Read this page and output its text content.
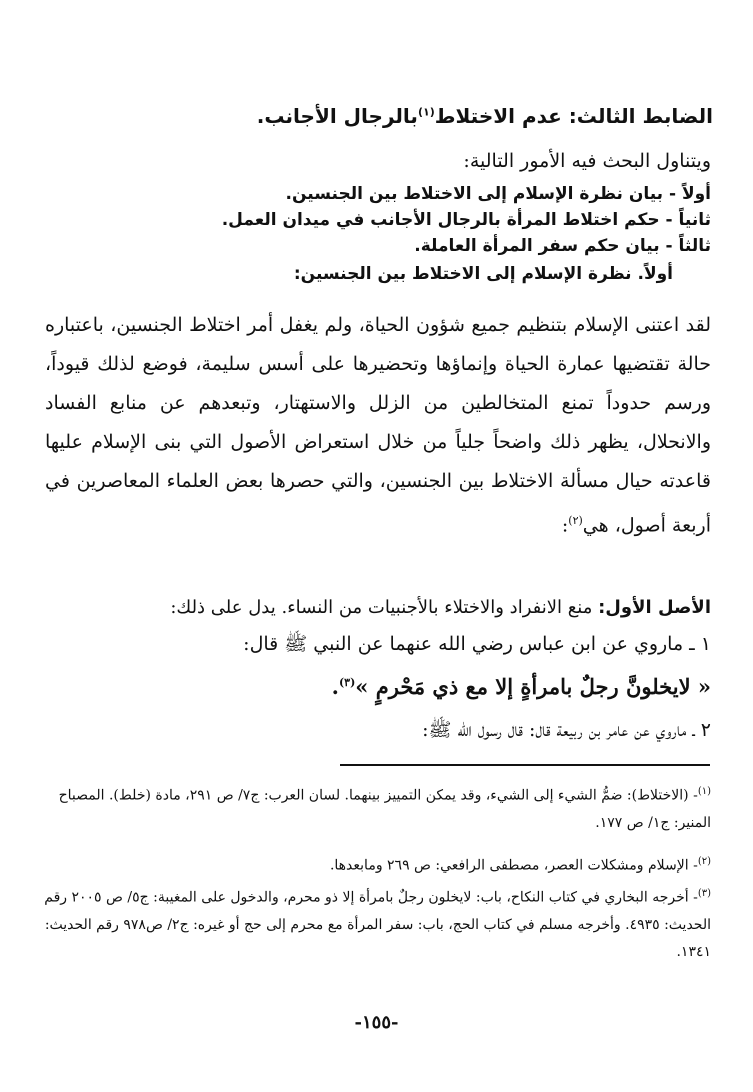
الضابط الثالث: عدم الاختلاط$^{(١)}$بالرجال الأجانب.
ويتناول البحث فيه الأمور التالية:
أولاً - بيان نظرة الإسلام إلى الاختلاط بين الجنسين.
ثانياً - حكم اختلاط المرأة بالرجال الأجانب في ميدان العمل.
ثالثاً - بيان حكم سفر المرأة العاملة.
أولاً. نظرة الإسلام إلى الاختلاط بين الجنسين:
لقد اعتنى الإسلام بتنظيم جميع شؤون الحياة، ولم يغفل أمر اختلاط الجنسين، باعتباره حالة تقتضيها عمارة الحياة وإنماؤها وتحضيرها على أسس سليمة، فوضع لذلك قيوداً، ورسم حدوداً تمنع المتخالطين من الزلل والاستهتار، وتبعدهم عن منابع الفساد والانحلال، يظهر ذلك واضحاً جلياً من خلال استعراض الأصول التي بنى الإسلام عليها قاعدته حيال مسألة الاختلاط بين الجنسين، والتي حصرها بعض العلماء المعاصرين في أربعة أصول، هي$^{(٢)}$:
الأصل الأول: منع الانفراد والاختلاء بالأجنبيات من النساء. يدل على ذلك:
١ ـ ماروي عن ابن عباس رضي الله عنهما عن النبي ﷺ قال:
« لايخلونَّ رجلٌ بامرأةٍ إلا مع ذي مَحْرمٍ »$^{(٣)}$.
٢ ـ ماروي عن عامر بن ربيعة قال: قال رسول الله ﷺ:
$^{(١)}$- (الاختلاط): ضمُّ الشيء إلى الشيء، وقد يمكن التمييز بينهما. لسان العرب: ج٧/ ص ٢٩١، مادة (خلط). المصباح المنير: ج١/ ص ١٧٧.
$^{(٢)}$- الإسلام ومشكلات العصر، مصطفى الرافعي: ص ٢٦٩ ومابعدها.
$^{(٣)}$- أخرجه البخاري في كتاب النكاح، باب: لايخلون رجلٌ بامرأة إلا ذو محرم، والدخول على المغيبة: ج٥/ ص ٢٠٠٥ رقم الحديث: ٤٩٣٥. وأخرجه مسلم في كتاب الحج، باب: سفر المرأة مع محرم إلى حج أو غيره: ج٢/ ص٩٧٨ رقم الحديث: ١٣٤١.
-١٥٥-
